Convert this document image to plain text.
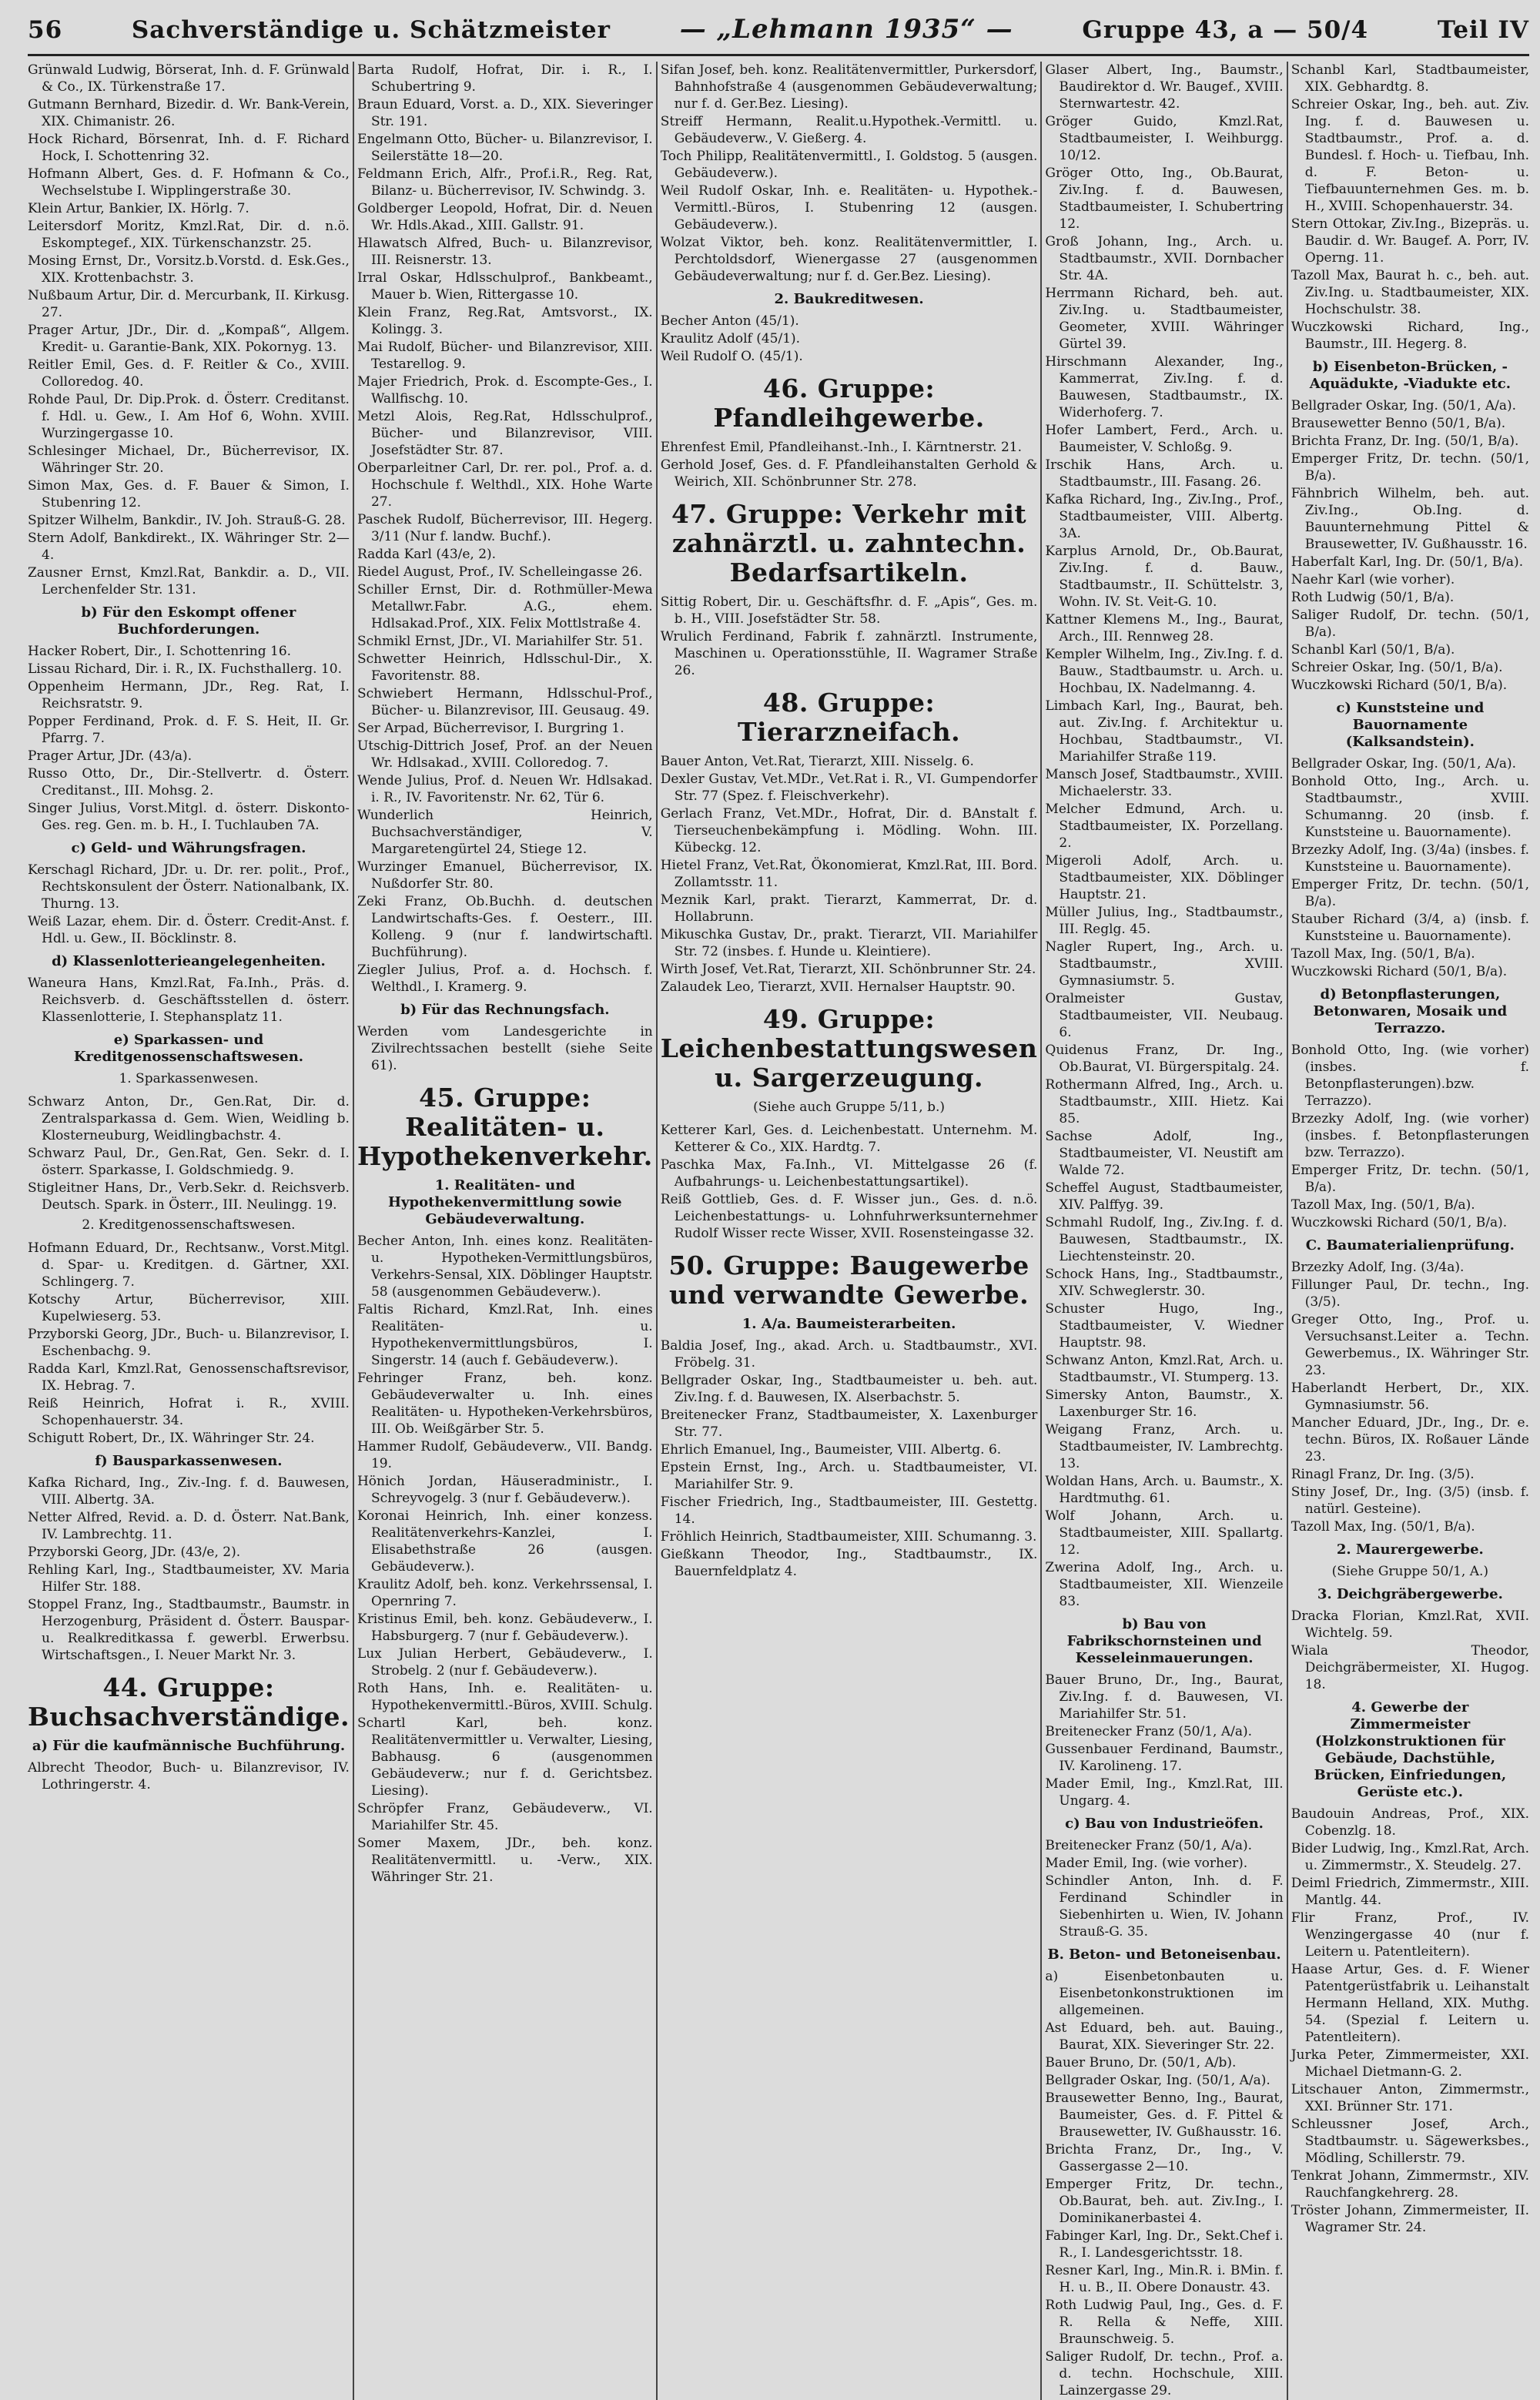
56	Sachverständige u. Schätzmeister	— „Lehmann 1935“ —	Gruppe 43, a — 50/4	Teil IV

Grünwald Ludwig, Börserat, Inh. d. F. Grünwald & Co., IX. Türkenstraße 17.

Gutmann Bernhard, Bizedir. d. Wr. Bank-Verein, XIX. Chimanistr. 26.

Hock Richard, Börsenrat, Inh. d. F. Richard Hock, I. Schottenring 32.

Hofmann Albert, Ges. d. F. Hofmann & Co., Wechselstube I. Wipplingerstraße 30.

Klein Artur, Bankier, IX. Hörlg. 7.

Leitersdorf Moritz, Kmzl.Rat, Dir. d. n.ö. Eskomptegef., XIX. Türkenschanzstr. 25.

Mosing Ernst, Dr., Vorsitz.b.Vorstd. d. Esk.Ges., XIX. Krottenbachstr. 3.

Nußbaum Artur, Dir. d. Mercurbank, II. Kirkusg. 27.

Prager Artur, JDr., Dir. d. „Kompaß“, Allgem. Kredit- u. Garantie-Bank, XIX. Pokornyg. 13.

Reitler Emil, Ges. d. F. Reitler & Co., XVIII. Colloredog. 40.

Rohde Paul, Dr. Dip.Prok. d. Österr. Creditanst. f. Hdl. u. Gew., I. Am Hof 6, Wohn. XVIII. Wurzingergasse 10.

Schlesinger Michael, Dr., Bücherrevisor, IX. Währinger Str. 20.

Simon Max, Ges. d. F. Bauer & Simon, I. Stubenring 12.

Spitzer Wilhelm, Bankdir., IV. Joh. Strauß-G. 28.

Stern Adolf, Bankdirekt., IX. Währinger Str. 2—4.

Zausner Ernst, Kmzl.Rat, Bankdir. a. D., VII. Lerchenfelder Str. 131.

b) Für den Eskompt offener Buchforderungen.

Hacker Robert, Dir., I. Schottenring 16.

Lissau Richard, Dir. i. R., IX. Fuchsthallerg. 10.

Oppenheim Hermann, JDr., Reg. Rat, I. Reichsratstr. 9.

Popper Ferdinand, Prok. d. F. S. Heit, II. Gr. Pfarrg. 7.

Prager Artur, JDr. (43/a).

Russo Otto, Dr., Dir.-Stellvertr. d. Österr. Creditanst., III. Mohsg. 2.

Singer Julius, Vorst.Mitgl. d. österr. Diskonto-Ges. reg. Gen. m. b. H., I. Tuchlauben 7A.

c) Geld- und Währungsfragen.

Kerschagl Richard, JDr. u. Dr. rer. polit., Prof., Rechtskonsulent der Österr. Nationalbank, IX. Thurng. 13.

Weiß Lazar, ehem. Dir. d. Österr. Credit-Anst. f. Hdl. u. Gew., II. Böcklinstr. 8.

d) Klassenlotterieangelegenheiten.

Waneura Hans, Kmzl.Rat, Fa.Inh., Präs. d. Reichsverb. d. Geschäftsstellen d. österr. Klassenlotterie, I. Stephansplatz 11.

e) Sparkassen- und Kreditgenossenschaftswesen.

1. Sparkassenwesen.

Schwarz Anton, Dr., Gen.Rat, Dir. d. Zentralsparkassa d. Gem. Wien, Weidling b. Klosterneuburg, Weidlingbachstr. 4.

Schwarz Paul, Dr., Gen.Rat, Gen. Sekr. d. I. österr. Sparkasse, I. Goldschmiedg. 9.

Stigleitner Hans, Dr., Verb.Sekr. d. Reichsverb. Deutsch. Spark. in Österr., III. Neulingg. 19.

2. Kreditgenossenschaftswesen.

Hofmann Eduard, Dr., Rechtsanw., Vorst.Mitgl. d. Spar- u. Kreditgen. d. Gärtner, XXI. Schlingerg. 7.

Kotschy Artur, Bücherrevisor, XIII. Kupelwieserg. 53.

Przyborski Georg, JDr., Buch- u. Bilanzrevisor, I. Eschenbachg. 9.

Radda Karl, Kmzl.Rat, Genossenschaftsrevisor, IX. Hebrag. 7.

Reiß Heinrich, Hofrat i. R., XVIII. Schopenhauerstr. 34.

Schigutt Robert, Dr., IX. Währinger Str. 24.

f) Bausparkassenwesen.

Kafka Richard, Ing., Ziv.-Ing. f. d. Bauwesen, VIII. Albertg. 3A.

Netter Alfred, Revid. a. D. d. Österr. Nat.Bank, IV. Lambrechtg. 11.

Przyborski Georg, JDr. (43/e, 2).

Rehling Karl, Ing., Stadtbaumeister, XV. Maria Hilfer Str. 188.

Stoppel Franz, Ing., Stadtbaumstr., Baumstr. in Herzogenburg, Präsident d. Österr. Bauspar- u. Realkreditkassa f. gewerbl. Erwerbsu. Wirtschaftsgen., I. Neuer Markt Nr. 3.

44. Gruppe: Buchsachverständige.
a) Für die kaufmännische Buchführung.

Albrecht Theodor, Buch- u. Bilanzrevisor, IV. Lothringerstr. 4.

Barta Rudolf, Hofrat, Dir. i. R., I. Schubertring 9.

Braun Eduard, Vorst. a. D., XIX. Sieveringer Str. 191.

Engelmann Otto, Bücher- u. Bilanzrevisor, I. Seilerstätte 18—20.

Feldmann Erich, Alfr., Prof.i.R., Reg. Rat, Bilanz- u. Bücherrevisor, IV. Schwindg. 3.

Goldberger Leopold, Hofrat, Dir. d. Neuen Wr. Hdls.Akad., XIII. Gallstr. 91.

Hlawatsch Alfred, Buch- u. Bilanzrevisor, III. Reisnerstr. 13.

Irral Oskar, Hdlsschulprof., Bankbeamt., Mauer b. Wien, Rittergasse 10.

Klein Franz, Reg.Rat, Amtsvorst., IX. Kolingg. 3.

Mai Rudolf, Bücher- und Bilanzrevisor, XIII. Testarellog. 9.

Majer Friedrich, Prok. d. Escompte-Ges., I. Wallfischg. 10.

Metzl Alois, Reg.Rat, Hdlsschulprof., Bücher- und Bilanzrevisor, VIII. Josefstädter Str. 87.

Oberparleitner Carl, Dr. rer. pol., Prof. a. d. Hochschule f. Welthdl., XIX. Hohe Warte 27.

Paschek Rudolf, Bücherrevisor, III. Hegerg. 3/11 (Nur f. landw. Buchf.).

Radda Karl (43/e, 2).

Riedel August, Prof., IV. Schelleingasse 26.

Schiller Ernst, Dir. d. Rothmüller-Mewa Metallwr.Fabr. A.G., ehem. Hdlsakad.Prof., XIX. Felix Mottlstraße 4.

Schmikl Ernst, JDr., VI. Mariahilfer Str. 51.

Schwetter Heinrich, Hdlsschul-Dir., X. Favoritenstr. 88.

Schwiebert Hermann, Hdlsschul-Prof., Bücher- u. Bilanzrevisor, III. Geusaug. 49.

Ser Arpad, Bücherrevisor, I. Burgring 1.

Utschig-Dittrich Josef, Prof. an der Neuen Wr. Hdlsakad., XVIII. Colloredog. 7.

Wende Julius, Prof. d. Neuen Wr. Hdlsakad. i. R., IV. Favoritenstr. Nr. 62, Tür 6.

Wunderlich Heinrich, Buchsachverständiger, V. Margaretengürtel 24, Stiege 12.

Wurzinger Emanuel, Bücherrevisor, IX. Nußdorfer Str. 80.

Zeki Franz, Ob.Buchh. d. deutschen Landwirtschafts-Ges. f. Oesterr., III. Kolleng. 9 (nur f. landwirtschaftl. Buchführung).

Ziegler Julius, Prof. a. d. Hochsch. f. Welthdl., I. Kramerg. 9.

b) Für das Rechnungsfach.

Werden vom Landesgerichte in Zivilrechtssachen bestellt (siehe Seite 61).

45. Gruppe: Realitäten- u. Hypothekenverkehr.
1. Realitäten- und Hypothekenvermittlung sowie Gebäudeverwaltung.

Becher Anton, Inh. eines konz. Realitäten- u. Hypotheken-Vermittlungsbüros, Verkehrs-Sensal, XIX. Döblinger Hauptstr. 58 (ausgenommen Gebäudeverw.).

Faltis Richard, Kmzl.Rat, Inh. eines Realitäten- u. Hypothekenvermittlungsbüros, I. Singerstr. 14 (auch f. Gebäudeverw.).

Fehringer Franz, beh. konz. Gebäudeverwalter u. Inh. eines Realitäten- u. Hypotheken-Verkehrsbüros, III. Ob. Weißgärber Str. 5.

Hammer Rudolf, Gebäudeverw., VII. Bandg. 19.

Hönich Jordan, Häuseradministr., I. Schreyvogelg. 3 (nur f. Gebäudeverw.).

Koronai Heinrich, Inh. einer konzess. Realitätenverkehrs-Kanzlei, I. Elisabethstraße 26 (ausgen. Gebäudeverw.).

Kraulitz Adolf, beh. konz. Verkehrssensal, I. Opernring 7.

Kristinus Emil, beh. konz. Gebäudeverw., I. Habsburgerg. 7 (nur f. Gebäudeverw.).

Lux Julian Herbert, Gebäudeverw., I. Strobelg. 2 (nur f. Gebäudeverw.).

Roth Hans, Inh. e. Realitäten- u. Hypothekenvermittl.-Büros, XVIII. Schulg.

Schartl Karl, beh. konz. Realitätenvermittler u. Verwalter, Liesing, Babhausg. 6 (ausgenommen Gebäudeverw.; nur f. d. Gerichtsbez. Liesing).

Schröpfer Franz, Gebäudeverw., VI. Mariahilfer Str. 45.

Somer Maxem, JDr., beh. konz. Realitätenvermittl. u. -Verw., XIX. Währinger Str. 21.

Sifan Josef, beh. konz. Realitätenvermittler, Purkersdorf, Bahnhofstraße 4 (ausgenommen Gebäudeverwaltung; nur f. d. Ger.Bez. Liesing).

Streiff Hermann, Realit.u.Hypothek.-Vermittl. u. Gebäudeverw., V. Gießerg. 4.

Toch Philipp, Realitätenvermittl., I. Goldstog. 5 (ausgen. Gebäudeverw.).

Weil Rudolf Oskar, Inh. e. Realitäten- u. Hypothek.-Vermittl.-Büros, I. Stubenring 12 (ausgen. Gebäudeverw.).

Wolzat Viktor, beh. konz. Realitätenvermittler, I. Perchtoldsdorf, Wienergasse 27 (ausgenommen Gebäudeverwaltung; nur f. d. Ger.Bez. Liesing).

2. Baukreditwesen.

Becher Anton (45/1).

Kraulitz Adolf (45/1).

Weil Rudolf O. (45/1).

46. Gruppe: Pfandleihgewerbe.

Ehrenfest Emil, Pfandleihanst.-Inh., I. Kärntnerstr. 21.

Gerhold Josef, Ges. d. F. Pfandleihanstalten Gerhold & Weirich, XII. Schönbrunner Str. 278.

47. Gruppe: Verkehr mit zahnärztl. u. zahntechn. Bedarfsartikeln.

Sittig Robert, Dir. u. Geschäftsfhr. d. F. „Apis“, Ges. m. b. H., VIII. Josefstädter Str. 58.

Wrulich Ferdinand, Fabrik f. zahnärztl. Instrumente, Maschinen u. Operationsstühle, II. Wagramer Straße 26.

48. Gruppe: Tierarzneifach.

Bauer Anton, Vet.Rat, Tierarzt, XIII. Nisselg. 6.

Dexler Gustav, Vet.MDr., Vet.Rat i. R., VI. Gumpendorfer Str. 77 (Spez. f. Fleischverkehr).

Gerlach Franz, Vet.MDr., Hofrat, Dir. d. BAnstalt f. Tierseuchenbekämpfung i. Mödling. Wohn. III. Kübeckg. 12.

Hietel Franz, Vet.Rat, Ökonomierat, Kmzl.Rat, III. Bord. Zollamtsstr. 11.

Meznik Karl, prakt. Tierarzt, Kammerrat, Dr. d. Hollabrunn.

Mikuschka Gustav, Dr., prakt. Tierarzt, VII. Mariahilfer Str. 72 (insbes. f. Hunde u. Kleintiere).

Wirth Josef, Vet.Rat, Tierarzt, XII. Schönbrunner Str. 24.

Zalaudek Leo, Tierarzt, XVII. Hernalser Hauptstr. 90.

49. Gruppe: Leichenbestattungswesen u. Sargerzeugung.

(Siehe auch Gruppe 5/11, b.)

Ketterer Karl, Ges. d. Leichenbestatt. Unternehm. M. Ketterer & Co., XIX. Hardtg. 7.

Paschka Max, Fa.Inh., VI. Mittelgasse 26 (f. Aufbahrungs- u. Leichenbestattungsartikel).

Reiß Gottlieb, Ges. d. F. Wisser jun., Ges. d. n.ö. Leichenbestattungs- u. Lohnfuhrwerksunternehmer Rudolf Wisser recte Wisser, XVII. Rosensteingasse 32.

50. Gruppe: Baugewerbe und verwandte Gewerbe.
1. A/a. Baumeisterarbeiten.

Baldia Josef, Ing., akad. Arch. u. Stadtbaumstr., XVI. Fröbelg. 31.

Bellgrader Oskar, Ing., Stadtbaumeister u. beh. aut. Ziv.Ing. f. d. Bauwesen, IX. Alserbachstr. 5.

Breitenecker Franz, Stadtbaumeister, X. Laxenburger Str. 77.

Ehrlich Emanuel, Ing., Baumeister, VIII. Albertg. 6.

Epstein Ernst, Ing., Arch. u. Stadtbaumeister, VI. Mariahilfer Str. 9.

Fischer Friedrich, Ing., Stadtbaumeister, III. Gestettg. 14.

Fröhlich Heinrich, Stadtbaumeister, XIII. Schumanng. 3.

Gießkann Theodor, Ing., Stadtbaumstr., IX. Bauernfeldplatz 4.

Glaser Albert, Ing., Baumstr., Baudirektor d. Wr. Baugef., XVIII. Sternwartestr. 42.

Gröger Guido, Kmzl.Rat, Stadtbaumeister, I. Weihburgg. 10/12.

Gröger Otto, Ing., Ob.Baurat, Ziv.Ing. f. d. Bauwesen, Stadtbaumeister, I. Schubertring 12.

Groß Johann, Ing., Arch. u. Stadtbaumstr., XVII. Dornbacher Str. 4A.

Herrmann Richard, beh. aut. Ziv.Ing. u. Stadtbaumeister, Geometer, XVIII. Währinger Gürtel 39.

Hirschmann Alexander, Ing., Kammerrat, Ziv.Ing. f. d. Bauwesen, Stadtbaumstr., IX. Widerhoferg. 7.

Hofer Lambert, Ferd., Arch. u. Baumeister, V. Schloßg. 9.

Irschik Hans, Arch. u. Stadtbaumstr., III. Fasang. 26.

Kafka Richard, Ing., Ziv.Ing., Prof., Stadtbaumeister, VIII. Albertg. 3A.

Karplus Arnold, Dr., Ob.Baurat, Ziv.Ing. f. d. Bauw., Stadtbaumstr., II. Schüttelstr. 3, Wohn. IV. St. Veit-G. 10.

Kattner Klemens M., Ing., Baurat, Arch., III. Rennweg 28.

Kempler Wilhelm, Ing., Ziv.Ing. f. d. Bauw., Stadtbaumstr. u. Arch. u. Hochbau, IX. Nadelmanng. 4.

Limbach Karl, Ing., Baurat, beh. aut. Ziv.Ing. f. Architektur u. Hochbau, Stadtbaumstr., VI. Mariahilfer Straße 119.

Mansch Josef, Stadtbaumstr., XVIII. Michaelerstr. 33.

Melcher Edmund, Arch. u. Stadtbaumeister, IX. Porzellang. 2.

Migeroli Adolf, Arch. u. Stadtbaumeister, XIX. Döblinger Hauptstr. 21.

Müller Julius, Ing., Stadtbaumstr., III. Reglg. 45.

Nagler Rupert, Ing., Arch. u. Stadtbaumstr., XVIII. Gymnasiumstr. 5.

Oralmeister Gustav, Stadtbaumeister, VII. Neubaug. 6.

Quidenus Franz, Dr. Ing., Ob.Baurat, VI. Bürgerspitalg. 24.

Rothermann Alfred, Ing., Arch. u. Stadtbaumstr., XIII. Hietz. Kai 85.

Sachse Adolf, Ing., Stadtbaumeister, VI. Neustift am Walde 72.

Scheffel August, Stadtbaumeister, XIV. Palffyg. 39.

Schmahl Rudolf, Ing., Ziv.Ing. f. d. Bauwesen, Stadtbaumstr., IX. Liechtensteinstr. 20.

Schock Hans, Ing., Stadtbaumstr., XIV. Schweglerstr. 30.

Schuster Hugo, Ing., Stadtbaumeister, V. Wiedner Hauptstr. 98.

Schwanz Anton, Kmzl.Rat, Arch. u. Stadtbaumstr., VI. Stumperg. 13.

Simersky Anton, Baumstr., X. Laxenburger Str. 16.

Weigang Franz, Arch. u. Stadtbaumeister, IV. Lambrechtg. 13.

Woldan Hans, Arch. u. Baumstr., X. Hardtmuthg. 61.

Wolf Johann, Arch. u. Stadtbaumeister, XIII. Spallartg. 12.

Zwerina Adolf, Ing., Arch. u. Stadtbaumeister, XII. Wienzeile 83.

b) Bau von Fabrikschornsteinen und Kesseleinmauerungen.

Bauer Bruno, Dr., Ing., Baurat, Ziv.Ing. f. d. Bauwesen, VI. Mariahilfer Str. 51.

Breitenecker Franz (50/1, A/a).

Gussenbauer Ferdinand, Baumstr., IV. Karolineng. 17.

Mader Emil, Ing., Kmzl.Rat, III. Ungarg. 4.

c) Bau von Industrieöfen.

Breitenecker Franz (50/1, A/a).

Mader Emil, Ing. (wie vorher).

Schindler Anton, Inh. d. F. Ferdinand Schindler in Siebenhirten u. Wien, IV. Johann Strauß-G. 35.

B. Beton- und Betoneisenbau.

a) Eisenbetonbauten u. Eisenbetonkonstruktionen im allgemeinen.

Ast Eduard, beh. aut. Bauing., Baurat, XIX. Sieveringer Str. 22.

Bauer Bruno, Dr. (50/1, A/b).

Bellgrader Oskar, Ing. (50/1, A/a).

Brausewetter Benno, Ing., Baurat, Baumeister, Ges. d. F. Pittel & Brausewetter, IV. Gußhausstr. 16.

Brichta Franz, Dr., Ing., V. Gassergasse 2—10.

Emperger Fritz, Dr. techn., Ob.Baurat, beh. aut. Ziv.Ing., I. Dominikanerbastei 4.

Fabinger Karl, Ing. Dr., Sekt.Chef i. R., I. Landesgerichtsstr. 18.

Resner Karl, Ing., Min.R. i. BMin. f. H. u. B., II. Obere Donaustr. 43.

Roth Ludwig Paul, Ing., Ges. d. F. R. Rella & Neffe, XIII. Braunschweig. 5.

Saliger Rudolf, Dr. techn., Prof. a. d. techn. Hochschule, XIII. Lainzergasse 29.

Schanbl Karl, Stadtbaumeister, XIX. Gebhardtg. 8.

Schreier Oskar, Ing., beh. aut. Ziv. Ing. f. d. Bauwesen u. Stadtbaumstr., Prof. a. d. Bundesl. f. Hoch- u. Tiefbau, Inh. d. F. Beton- u. Tiefbauunternehmen Ges. m. b. H., XVIII. Schopenhauerstr. 34.

Stern Ottokar, Ziv.Ing., Bizepräs. u. Baudir. d. Wr. Baugef. A. Porr, IV. Operng. 11.

Tazoll Max, Baurat h. c., beh. aut. Ziv.Ing. u. Stadtbaumeister, XIX. Hochschulstr. 38.

Wuczkowski Richard, Ing., Baumstr., III. Hegerg. 8.

b) Eisenbeton-Brücken, -Aquädukte, -Viadukte etc.

Bellgrader Oskar, Ing. (50/1, A/a).

Brausewetter Benno (50/1, B/a).

Brichta Franz, Dr. Ing. (50/1, B/a).

Emperger Fritz, Dr. techn. (50/1, B/a).

Fähnbrich Wilhelm, beh. aut. Ziv.Ing., Ob.Ing. d. Bauunternehmung Pittel & Brausewetter, IV. Gußhausstr. 16.

Haberfalt Karl, Ing. Dr. (50/1, B/a).

Naehr Karl (wie vorher).

Roth Ludwig (50/1, B/a).

Saliger Rudolf, Dr. techn. (50/1, B/a).

Schanbl Karl (50/1, B/a).

Schreier Oskar, Ing. (50/1, B/a).

Wuczkowski Richard (50/1, B/a).

c) Kunststeine und Bauornamente (Kalksandstein).

Bellgrader Oskar, Ing. (50/1, A/a).

Bonhold Otto, Ing., Arch. u. Stadtbaumstr., XVIII. Schumanng. 20 (insb. f. Kunststeine u. Bauornamente).

Brzezky Adolf, Ing. (3/4a) (insbes. f. Kunststeine u. Bauornamente).

Emperger Fritz, Dr. techn. (50/1, B/a).

Stauber Richard (3/4, a) (insb. f. Kunststeine u. Bauornamente).

Tazoll Max, Ing. (50/1, B/a).

Wuczkowski Richard (50/1, B/a).

d) Betonpflasterungen, Betonwaren, Mosaik und Terrazzo.

Bonhold Otto, Ing. (wie vorher) (insbes. f. Betonpflasterungen).bzw. Terrazzo).

Brzezky Adolf, Ing. (wie vorher) (insbes. f. Betonpflasterungen bzw. Terrazzo).

Emperger Fritz, Dr. techn. (50/1, B/a).

Tazoll Max, Ing. (50/1, B/a).

Wuczkowski Richard (50/1, B/a).

C. Baumaterialienprüfung.

Brzezky Adolf, Ing. (3/4a).

Fillunger Paul, Dr. techn., Ing. (3/5).

Greger Otto, Ing., Prof. u. Versuchsanst.Leiter a. Techn. Gewerbemus., IX. Währinger Str. 23.

Haberlandt Herbert, Dr., XIX. Gymnasiumstr. 56.

Mancher Eduard, JDr., Ing., Dr. e. techn. Büros, IX. Roßauer Lände 23.

Rinagl Franz, Dr. Ing. (3/5).

Stiny Josef, Dr., Ing. (3/5) (insb. f. natürl. Gesteine).

Tazoll Max, Ing. (50/1, B/a).

2. Maurergewerbe.

(Siehe Gruppe 50/1, A.)

3. Deichgräbergewerbe.

Dracka Florian, Kmzl.Rat, XVII. Wichtelg. 59.

Wiala Theodor, Deichgräbermeister, XI. Hugog. 18.

4. Gewerbe der Zimmermeister (Holzkonstruktionen für Gebäude, Dachstühle, Brücken, Einfriedungen, Gerüste etc.).

Baudouin Andreas, Prof., XIX. Cobenzlg. 18.

Bider Ludwig, Ing., Kmzl.Rat, Arch. u. Zimmermstr., X. Steudelg. 27.

Deiml Friedrich, Zimmermstr., XIII. Mantlg. 44.

Flir Franz, Prof., IV. Wenzingergasse 40 (nur f. Leitern u. Patentleitern).

Haase Artur, Ges. d. F. Wiener Patentgerüstfabrik u. Leihanstalt Hermann Helland, XIX. Muthg. 54. (Spezial f. Leitern u. Patentleitern).

Jurka Peter, Zimmermeister, XXI. Michael Dietmann-G. 2.

Litschauer Anton, Zimmermstr., XXI. Brünner Str. 171.

Schleussner Josef, Arch., Stadtbaumstr. u. Sägewerksbes., Mödling, Schillerstr. 79.

Tenkrat Johann, Zimmermstr., XIV. Rauchfangkehrerg. 28.

Tröster Johann, Zimmermeister, II. Wagramer Str. 24.
